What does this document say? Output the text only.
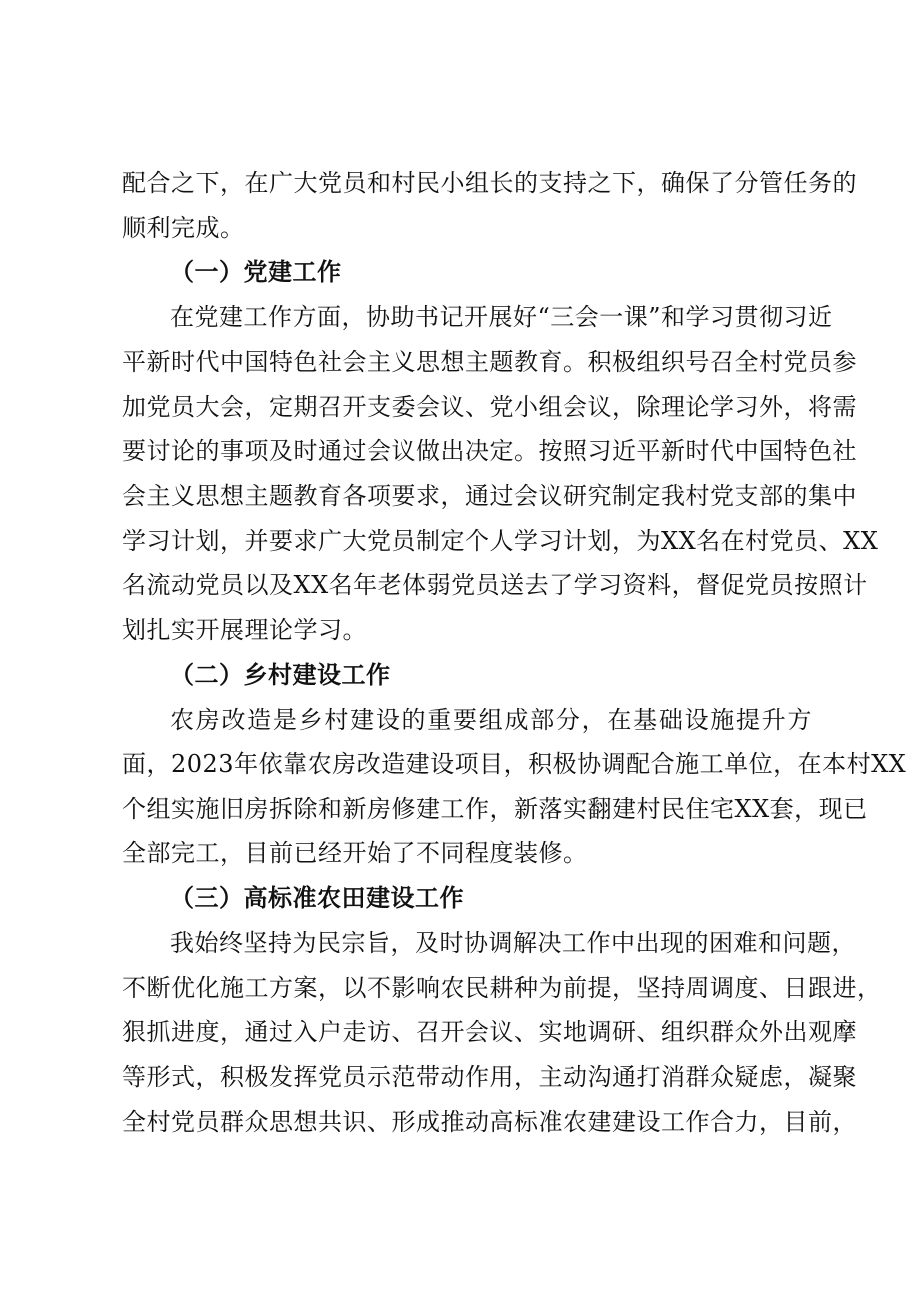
配合之下，在广大党员和村民小组长的支持之下，确保了分管任务的
顺利完成。
（一）党建工作
在党建工作方面，协助书记开展好“三会一课”和学习贯彻习近
平新时代中国特色社会主义思想主题教育。积极组织号召全村党员参
加党员大会，定期召开支委会议、党小组会议，除理论学习外，将需
要讨论的事项及时通过会议做出决定。按照习近平新时代中国特色社
会主义思想主题教育各项要求，通过会议研究制定我村党支部的集中
学习计划，并要求广大党员制定个人学习计划，为XX名在村党员、XX
名流动党员以及XX名年老体弱党员送去了学习资料，督促党员按照计
划扎实开展理论学习。
（二）乡村建设工作
农房改造是乡村建设的重要组成部分，在基础设施提升方
面，2023年依靠农房改造建设项目，积极协调配合施工单位，在本村XX
个组实施旧房拆除和新房修建工作，新落实翻建村民住宅XX套，现已
全部完工，目前已经开始了不同程度装修。
（三）高标准农田建设工作
我始终坚持为民宗旨，及时协调解决工作中出现的困难和问题，
不断优化施工方案，以不影响农民耕种为前提，坚持周调度、日跟进，
狠抓进度，通过入户走访、召开会议、实地调研、组织群众外出观摩
等形式，积极发挥党员示范带动作用，主动沟通打消群众疑虑，凝聚
全村党员群众思想共识、形成推动高标准农建建设工作合力，目前，
